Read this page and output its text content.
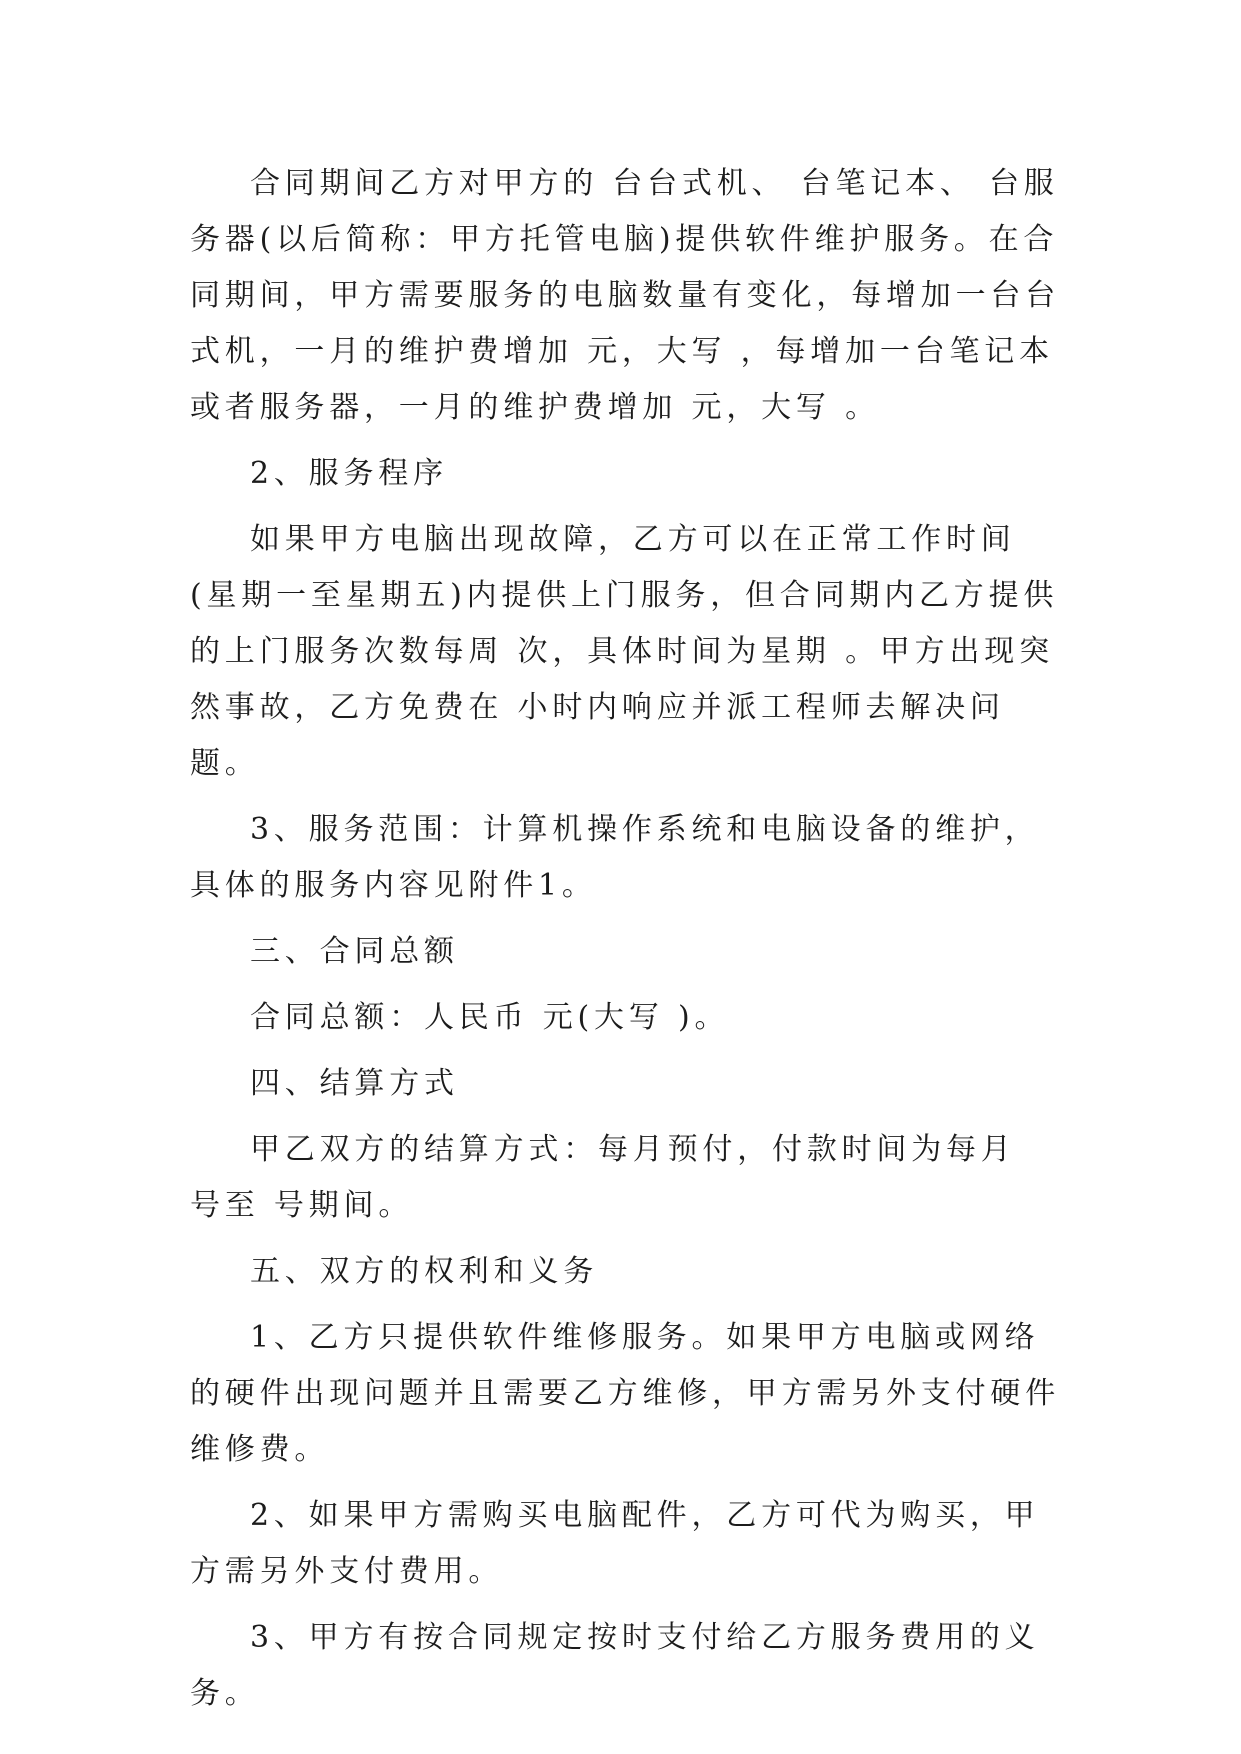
合同期间乙方对甲方的 台台式机、 台笔记本、 台服务器(以后简称：甲方托管电脑)提供软件维护服务。在合同期间，甲方需要服务的电脑数量有变化，每增加一台台式机，一月的维护费增加 元，大写 ，每增加一台笔记本或者服务器，一月的维护费增加 元，大写 。

2、服务程序

如果甲方电脑出现故障，乙方可以在正常工作时间(星期一至星期五)内提供上门服务，但合同期内乙方提供的上门服务次数每周 次，具体时间为星期 。甲方出现突然事故，乙方免费在 小时内响应并派工程师去解决问题。

3、服务范围：计算机操作系统和电脑设备的维护，具体的服务内容见附件1。

三、合同总额

合同总额：人民币 元(大写 )。

四、结算方式

甲乙双方的结算方式：每月预付，付款时间为每月 号至 号期间。

五、双方的权利和义务

1、乙方只提供软件维修服务。如果甲方电脑或网络的硬件出现问题并且需要乙方维修，甲方需另外支付硬件维修费。

2、如果甲方需购买电脑配件，乙方可代为购买，甲方需另外支付费用。

3、甲方有按合同规定按时支付给乙方服务费用的义务。
